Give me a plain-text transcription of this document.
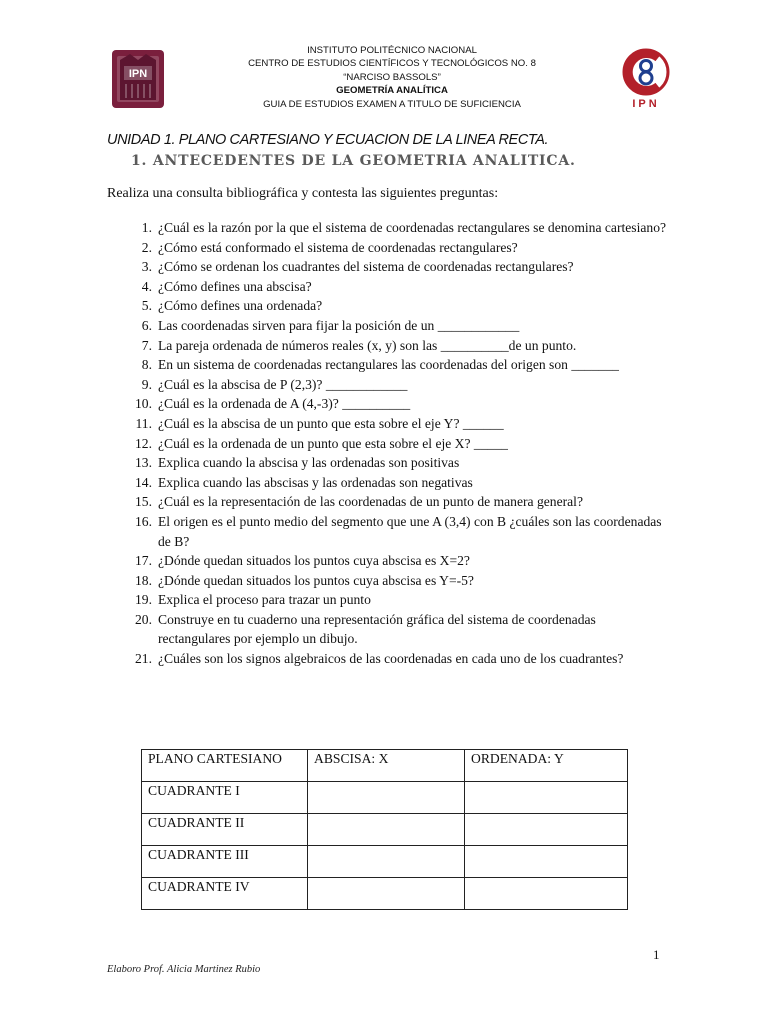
IPN
INSTITUTO POLITÉCNICO NACIONAL
CENTRO DE ESTUDIOS CIENTÍFICOS Y TECNOLÓGICOS NO. 8
“NARCISO BASSOLS”
GEOMETRÍA ANALÍTICA
GUIA DE ESTUDIOS EXAMEN A TITULO DE SUFICIENCIA	IPN
UNIDAD 1. PLANO CARTESIANO Y ECUACION DE LA LINEA RECTA.
1. ANTECEDENTES DE LA GEOMETRIA ANALITICA.
Realiza una consulta bibliográfica y contesta las siguientes preguntas:
1. ¿Cuál es la razón por la que el sistema de coordenadas rectangulares se denomina cartesiano?
2. ¿Cómo está conformado el sistema de coordenadas rectangulares?
3. ¿Cómo se ordenan los cuadrantes del sistema de coordenadas rectangulares?
4. ¿Cómo defines una abscisa?
5. ¿Cómo defines una ordenada?
6. Las coordenadas sirven para fijar la posición de un ____________
7. La pareja ordenada de números reales (x, y) son las __________de un punto.
8. En un sistema de coordenadas rectangulares las coordenadas del origen son _______
9. ¿Cuál es la abscisa de P (2,3)? ____________
10. ¿Cuál es la ordenada de A (4,-3)? __________
11. ¿Cuál es la abscisa de un punto que esta sobre el eje Y? ______
12. ¿Cuál es la ordenada de un punto que esta sobre el eje X? _____
13. Explica cuando la abscisa y las ordenadas son positivas
14. Explica cuando las abscisas y las ordenadas son negativas
15. ¿Cuál es la representación de las coordenadas de un punto de manera general?
16. El origen es el punto medio del segmento que une A (3,4) con B ¿cuáles son las coordenadas de B?
17. ¿Dónde quedan situados los puntos cuya abscisa es X=2?
18. ¿Dónde quedan situados los puntos cuya abscisa es Y=-5?
19. Explica el proceso para trazar un punto
20. Construye en tu cuaderno una representación gráfica del sistema de coordenadas rectangulares por ejemplo un dibujo.
21. ¿Cuáles son los signos algebraicos de las coordenadas en cada uno de los cuadrantes?
PLANO CARTESIANO	ABSCISA: X	ORDENADA: Y
CUADRANTE I		
CUADRANTE II		
CUADRANTE III		
CUADRANTE IV		
1
Elaboro Prof. Alicia Martinez Rubio
